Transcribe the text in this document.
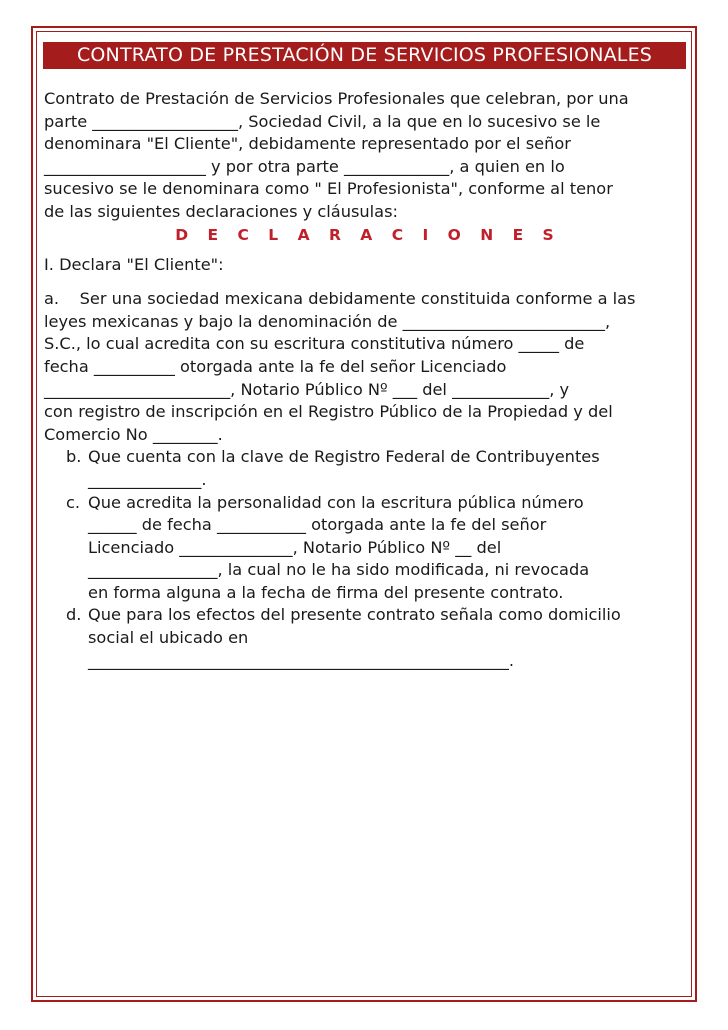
CONTRATO DE PRESTACIÓN DE SERVICIOS PROFESIONALES

Contrato de Prestación de Servicios Profesionales que celebran, por una

parte __________________, Sociedad Civil, a la que en lo sucesivo se le

denominara "El Cliente", debidamente representado por el señor

____________________ y por otra parte _____________, a quien en lo

sucesivo se le denominara como " El Profesionista", conforme al tenor

de las siguientes declaraciones y cláusulas:

D E C L A R A C I O N E S

I. Declara "El Cliente":

a.    Ser una sociedad mexicana debidamente constituida conforme a las

leyes mexicanas y bajo la denominación de _________________________,

S.C., lo cual acredita con su escritura constitutiva número _____ de

fecha __________ otorgada ante la fe del señor Licenciado

_______________________, Notario Público Nº ___ del ____________, y

con registro de inscripción en el Registro Público de la Propiedad y del

Comercio No ________.

b. Que cuenta con la clave de Registro Federal de Contribuyentes

______________.

c. Que acredita la personalidad con la escritura pública número

______ de fecha ___________ otorgada ante la fe del señor

Licenciado ______________, Notario Público Nº __ del

________________, la cual no le ha sido modificada, ni revocada

en forma alguna a la fecha de firma del presente contrato.

d. Que para los efectos del presente contrato señala como domicilio

social el ubicado en

____________________________________________________.
